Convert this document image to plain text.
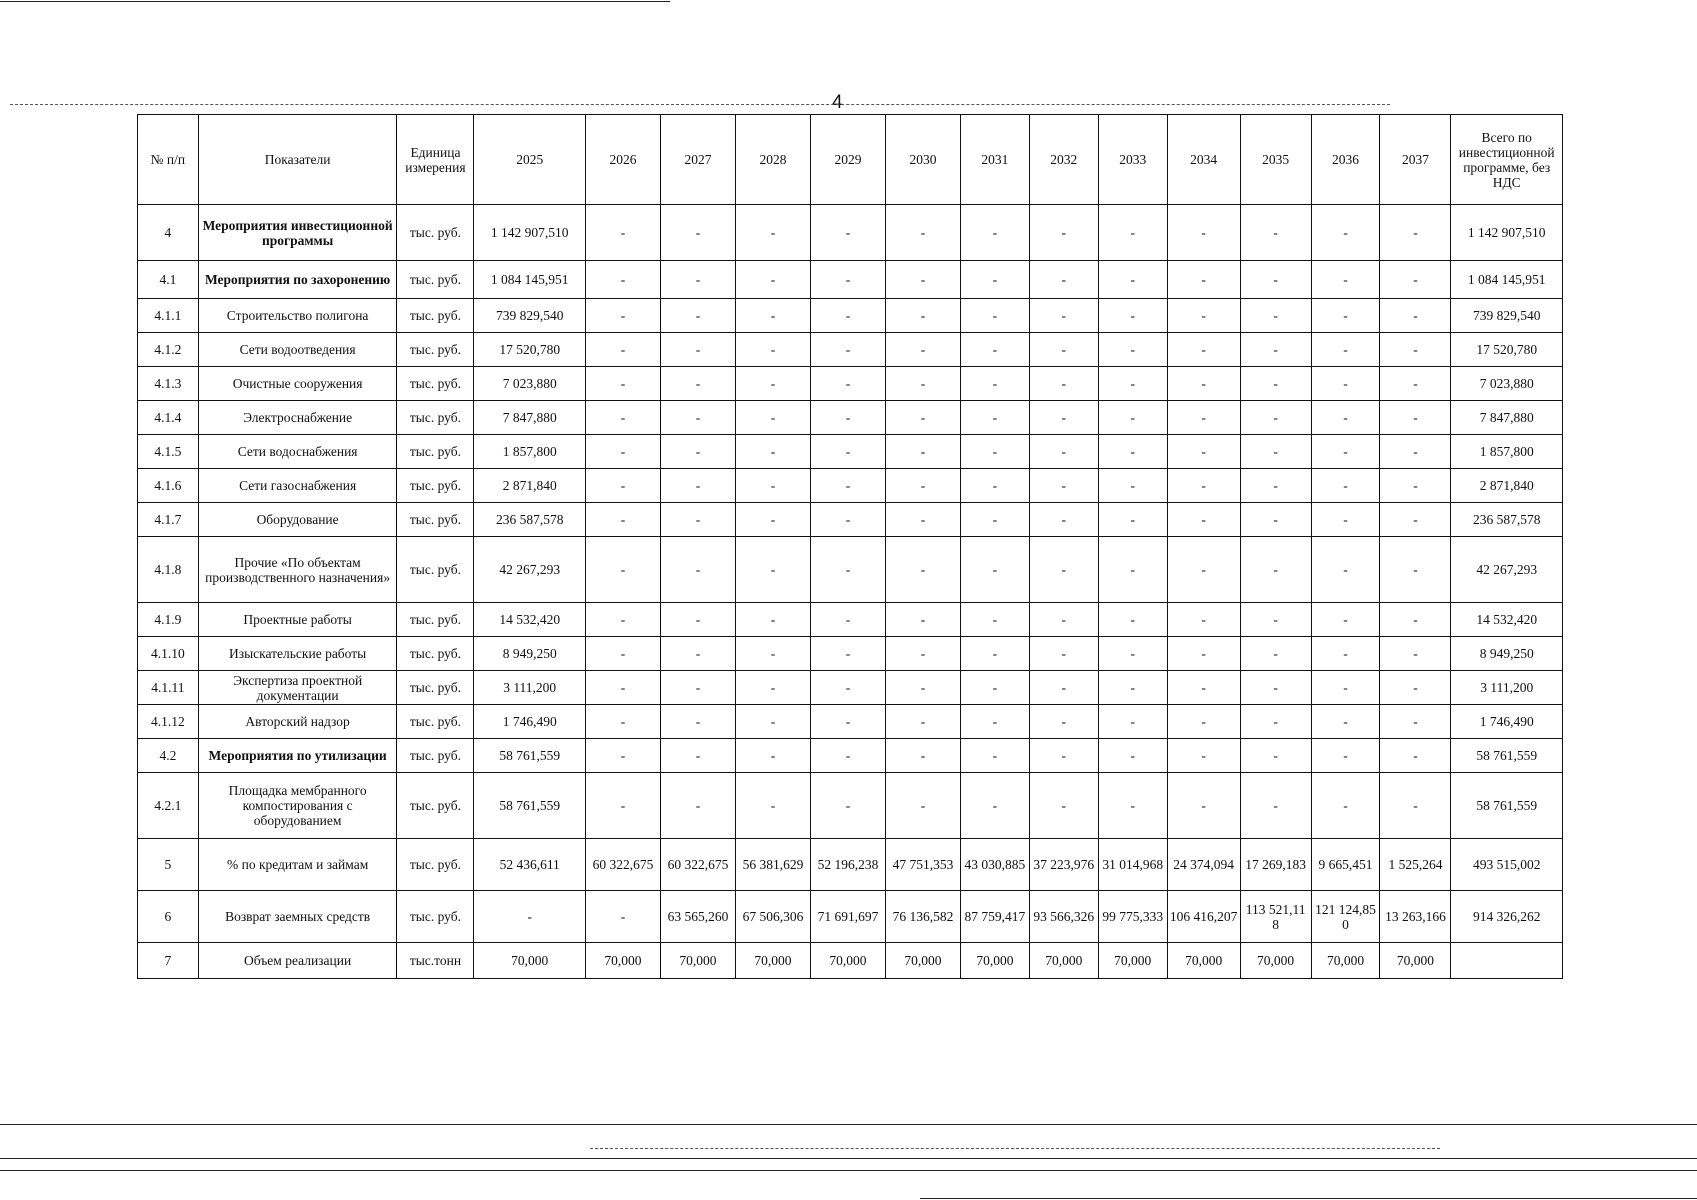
4
№ п/п	Показатели	Единица измерения	2025	2026	2027	2028	2029	2030	2031	2032	2033	2034	2035	2036	2037	Всего по инвестиционной программе, без НДС
4	Мероприятия инвестиционной программы	тыс. руб.	1 142 907,510	-	-	-	-	-	-	-	-	-	-	-	-	1 142 907,510
4.1	Мероприятия по захоронению	тыс. руб.	1 084 145,951	-	-	-	-	-	-	-	-	-	-	-	-	1 084 145,951
4.1.1	Строительство полигона	тыс. руб.	739 829,540	-	-	-	-	-	-	-	-	-	-	-	-	739 829,540
4.1.2	Сети водоотведения	тыс. руб.	17 520,780	-	-	-	-	-	-	-	-	-	-	-	-	17 520,780
4.1.3	Очистные сооружения	тыс. руб.	7 023,880	-	-	-	-	-	-	-	-	-	-	-	-	7 023,880
4.1.4	Электроснабжение	тыс. руб.	7 847,880	-	-	-	-	-	-	-	-	-	-	-	-	7 847,880
4.1.5	Сети водоснабжения	тыс. руб.	1 857,800	-	-	-	-	-	-	-	-	-	-	-	-	1 857,800
4.1.6	Сети газоснабжения	тыс. руб.	2 871,840	-	-	-	-	-	-	-	-	-	-	-	-	2 871,840
4.1.7	Оборудование	тыс. руб.	236 587,578	-	-	-	-	-	-	-	-	-	-	-	-	236 587,578
4.1.8	Прочие «По объектам производственного назначения»	тыс. руб.	42 267,293	-	-	-	-	-	-	-	-	-	-	-	-	42 267,293
4.1.9	Проектные работы	тыс. руб.	14 532,420	-	-	-	-	-	-	-	-	-	-	-	-	14 532,420
4.1.10	Изыскательские работы	тыс. руб.	8 949,250	-	-	-	-	-	-	-	-	-	-	-	-	8 949,250
4.1.11	Экспертиза проектной документации	тыс. руб.	3 111,200	-	-	-	-	-	-	-	-	-	-	-	-	3 111,200
4.1.12	Авторский надзор	тыс. руб.	1 746,490	-	-	-	-	-	-	-	-	-	-	-	-	1 746,490
4.2	Мероприятия по утилизации	тыс. руб.	58 761,559	-	-	-	-	-	-	-	-	-	-	-	-	58 761,559
4.2.1	Площадка мембранного компостирования с оборудованием	тыс. руб.	58 761,559	-	-	-	-	-	-	-	-	-	-	-	-	58 761,559
5	% по кредитам и займам	тыс. руб.	52 436,611	60 322,675	60 322,675	56 381,629	52 196,238	47 751,353	43 030,885	37 223,976	31 014,968	24 374,094	17 269,183	9 665,451	1 525,264	493 515,002
6	Возврат заемных средств	тыс. руб.	-	-	63 565,260	67 506,306	71 691,697	76 136,582	87 759,417	93 566,326	99 775,333	106 416,207	113 521,118	121 124,850	13 263,166	914 326,262
7	Объем реализации	тыс.тонн	70,000	70,000	70,000	70,000	70,000	70,000	70,000	70,000	70,000	70,000	70,000	70,000	70,000	
